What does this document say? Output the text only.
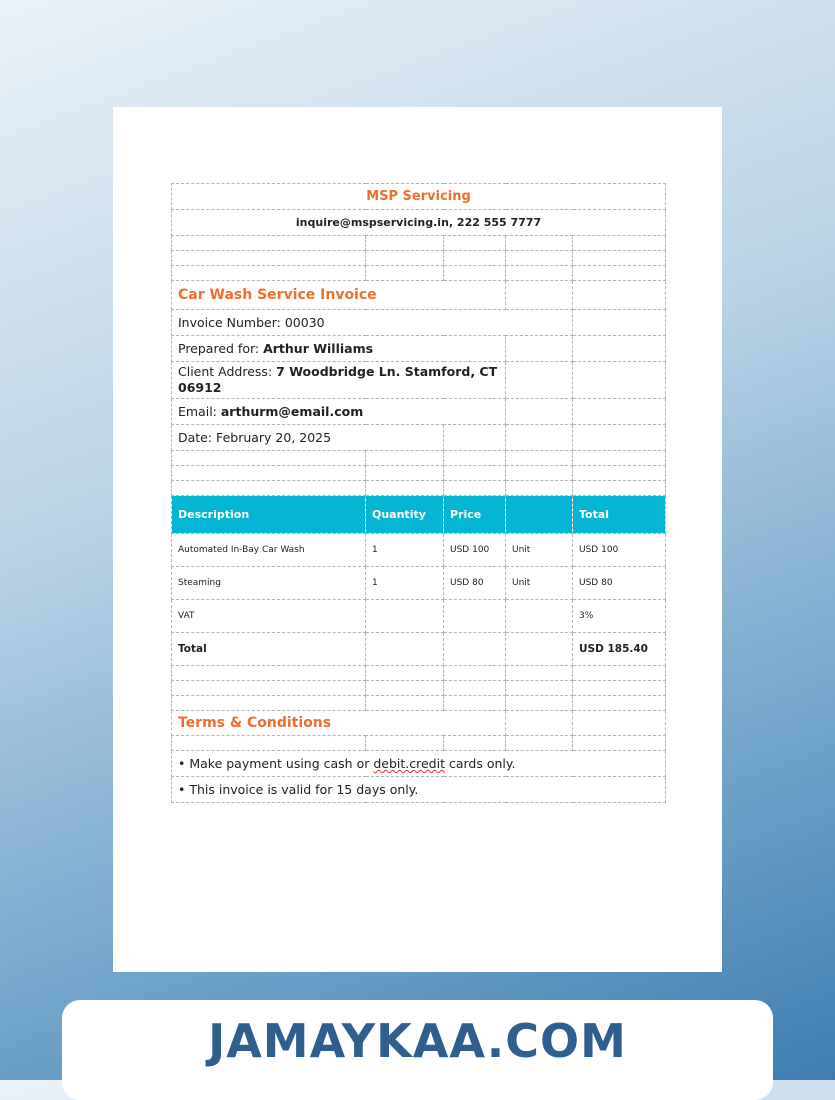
MSP Servicing				
inquire@mspservicing.in, 222 555 7777				

Car Wash Service Invoice				
Invoice Number: 00030				
Prepared for: Arthur Williams				
Client Address: 7 Woodbridge Ln. Stamford, CT 06912				
Email: arthurm@email.com				
Date: February 20, 2025				

Description	Quantity	Price		Total
Automated In-Bay Car Wash	1	USD 100	Unit	USD 100
Steaming	1	USD 80	Unit	USD 80
VAT				3%
Total				USD 185.40

Terms & Conditions				

• Make payment using cash or debit.credit cards only.				
• This invoice is valid for 15 days only.				
JAMAYKAA.COM
